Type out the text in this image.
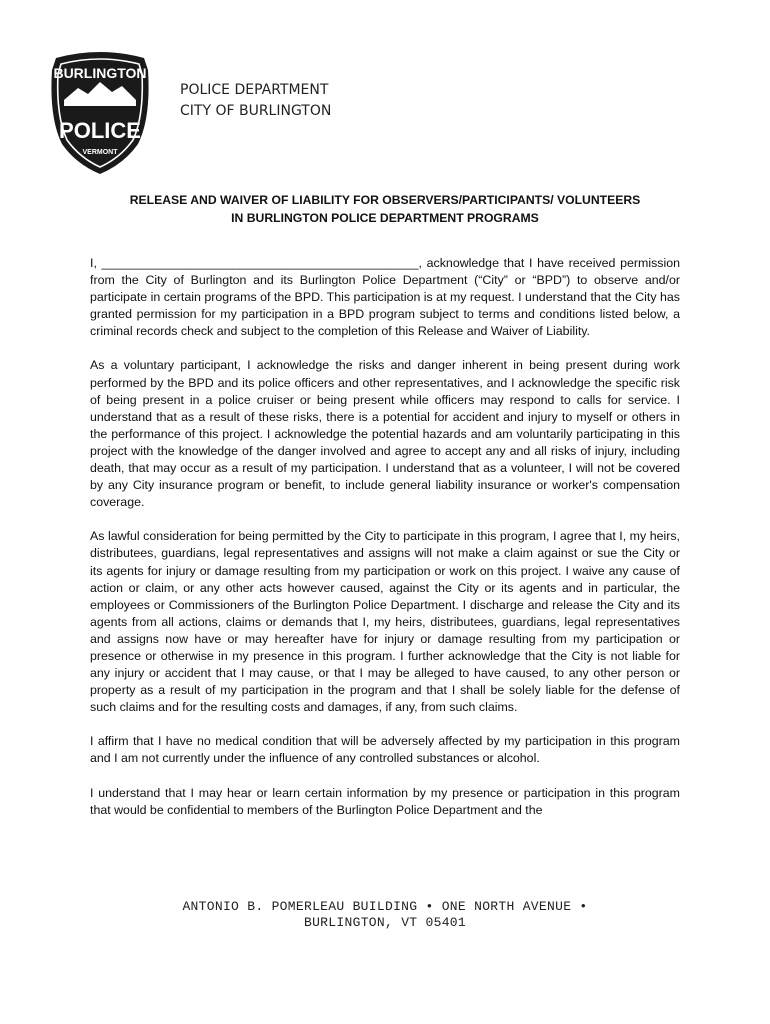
BURLINGTON
POLICE
VERMONT
POLICE DEPARTMENT
CITY OF BURLINGTON
RELEASE AND WAIVER OF LIABILITY FOR OBSERVERS/PARTICIPANTS/ VOLUNTEERS
IN BURLINGTON POLICE DEPARTMENT PROGRAMS

I, ______________________________________________, acknowledge that I have received permission from the City of Burlington and its Burlington Police Department (“City” or “BPD”) to observe and/or participate in certain programs of the BPD. This participation is at my request. I understand that the City has granted permission for my participation in a BPD program subject to terms and conditions listed below, a criminal records check and subject to the completion of this Release and Waiver of Liability.

As a voluntary participant, I acknowledge the risks and danger inherent in being present during work performed by the BPD and its police officers and other representatives, and I acknowledge the specific risk of being present in a police cruiser or being present while officers may respond to calls for service. I understand that as a result of these risks, there is a potential for accident and injury to myself or others in the performance of this project. I acknowledge the potential hazards and am voluntarily participating in this project with the knowledge of the danger involved and agree to accept any and all risks of injury, including death, that may occur as a result of my participation. I understand that as a volunteer, I will not be covered by any City insurance program or benefit, to include general liability insurance or worker's compensation coverage.

As lawful consideration for being permitted by the City to participate in this program, I agree that I, my heirs, distributees, guardians, legal representatives and assigns will not make a claim against or sue the City or its agents for injury or damage resulting from my participation or work on this project. I waive any cause of action or claim, or any other acts however caused, against the City or its agents and in particular, the employees or Commissioners of the Burlington Police Department. I discharge and release the City and its agents from all actions, claims or demands that I, my heirs, distributees, guardians, legal representatives and assigns now have or may hereafter have for injury or damage resulting from my participation or presence or otherwise in my presence in this program. I further acknowledge that the City is not liable for any injury or accident that I may cause, or that I may be alleged to have caused, to any other person or property as a result of my participation in the program and that I shall be solely liable for the defense of such claims and for the resulting costs and damages, if any, from such claims.

I affirm that I have no medical condition that will be adversely affected by my participation in this program and I am not currently under the influence of any controlled substances or alcohol.

I understand that I may hear or learn certain information by my presence or participation in this program that would be confidential to members of the Burlington Police Department and the

ANTONIO B. POMERLEAU BUILDING • ONE NORTH AVENUE •
BURLINGTON, VT 05401
